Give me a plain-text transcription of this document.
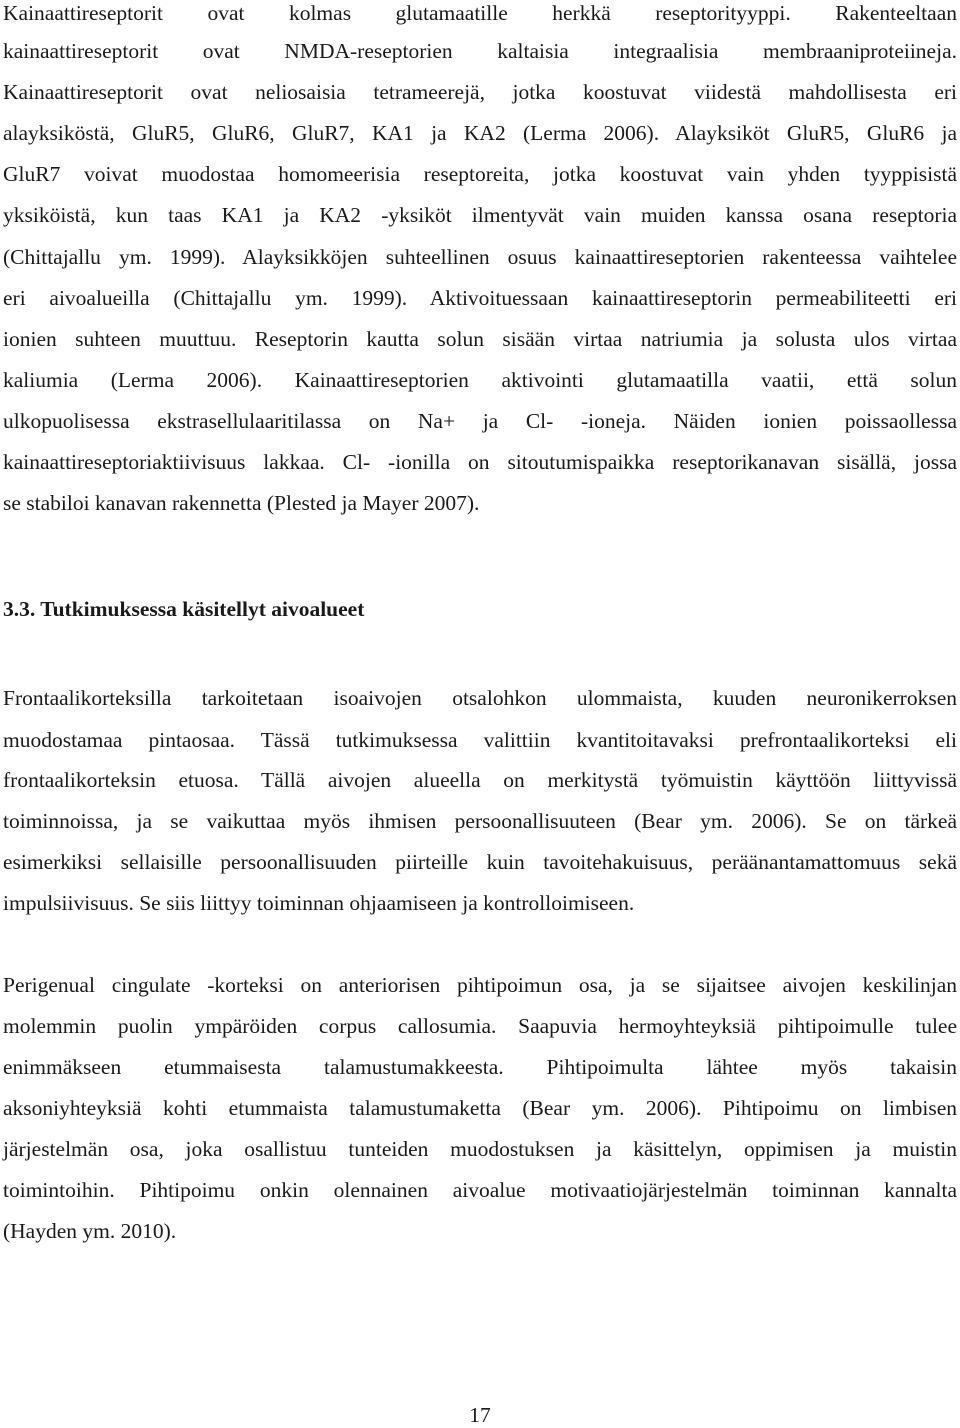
Kainaattireseptorit ovat kolmas glutamaatille herkkä reseptorityyppi. Rakenteeltaan
kainaattireseptorit ovat NMDA-reseptorien kaltaisia integraalisia membraaniproteiineja.
Kainaattireseptorit ovat neliosaisia tetrameerejä, jotka koostuvat viidestä mahdollisesta eri
alayksiköstä, GluR5, GluR6, GluR7, KA1 ja KA2 (Lerma 2006). Alayksiköt GluR5, GluR6 ja
GluR7 voivat muodostaa homomeerisia reseptoreita, jotka koostuvat vain yhden tyyppisistä
yksiköistä, kun taas KA1 ja KA2 -yksiköt ilmentyvät vain muiden kanssa osana reseptoria
(Chittajallu ym. 1999). Alayksikköjen suhteellinen osuus kainaattireseptorien rakenteessa vaihtelee
eri aivoalueilla (Chittajallu ym. 1999). Aktivoituessaan kainaattireseptorin permeabiliteetti eri
ionien suhteen muuttuu. Reseptorin kautta solun sisään virtaa natriumia ja solusta ulos virtaa
kaliumia (Lerma 2006). Kainaattireseptorien aktivointi glutamaatilla vaatii, että solun
ulkopuolisessa ekstrasellulaaritilassa on Na+ ja Cl- -ioneja. Näiden ionien poissaollessa
kainaattireseptoriaktiivisuus lakkaa. Cl- -ionilla on sitoutumispaikka reseptorikanavan sisällä, jossa
se stabiloi kanavan rakennetta (Plested ja Mayer 2007).
3.3. Tutkimuksessa käsitellyt aivoalueet
Frontaalikorteksilla tarkoitetaan isoaivojen otsalohkon ulommaista, kuuden neuronikerroksen
muodostamaa pintaosaa. Tässä tutkimuksessa valittiin kvantitoitavaksi prefrontaalikorteksi eli
frontaalikorteksin etuosa. Tällä aivojen alueella on merkitystä työmuistin käyttöön liittyvissä
toiminnoissa, ja se vaikuttaa myös ihmisen persoonallisuuteen (Bear ym. 2006). Se on tärkeä
esimerkiksi sellaisille persoonallisuuden piirteille kuin tavoitehakuisuus, peräänantamattomuus sekä
impulsiivisuus. Se siis liittyy toiminnan ohjaamiseen ja kontrolloimiseen.
Perigenual cingulate -korteksi on anteriorisen pihtipoimun osa, ja se sijaitsee aivojen keskilinjan
molemmin puolin ympäröiden corpus callosumia. Saapuvia hermoyhteyksiä pihtipoimulle tulee
enimmäkseen etummaisesta talamustumakkeesta. Pihtipoimulta lähtee myös takaisin
aksoniyhteyksiä kohti etummaista talamustumaketta (Bear ym. 2006). Pihtipoimu on limbisen
järjestelmän osa, joka osallistuu tunteiden muodostuksen ja käsittelyn, oppimisen ja muistin
toimintoihin. Pihtipoimu onkin olennainen aivoalue motivaatiojärjestelmän toiminnan kannalta
(Hayden ym. 2010).
17
